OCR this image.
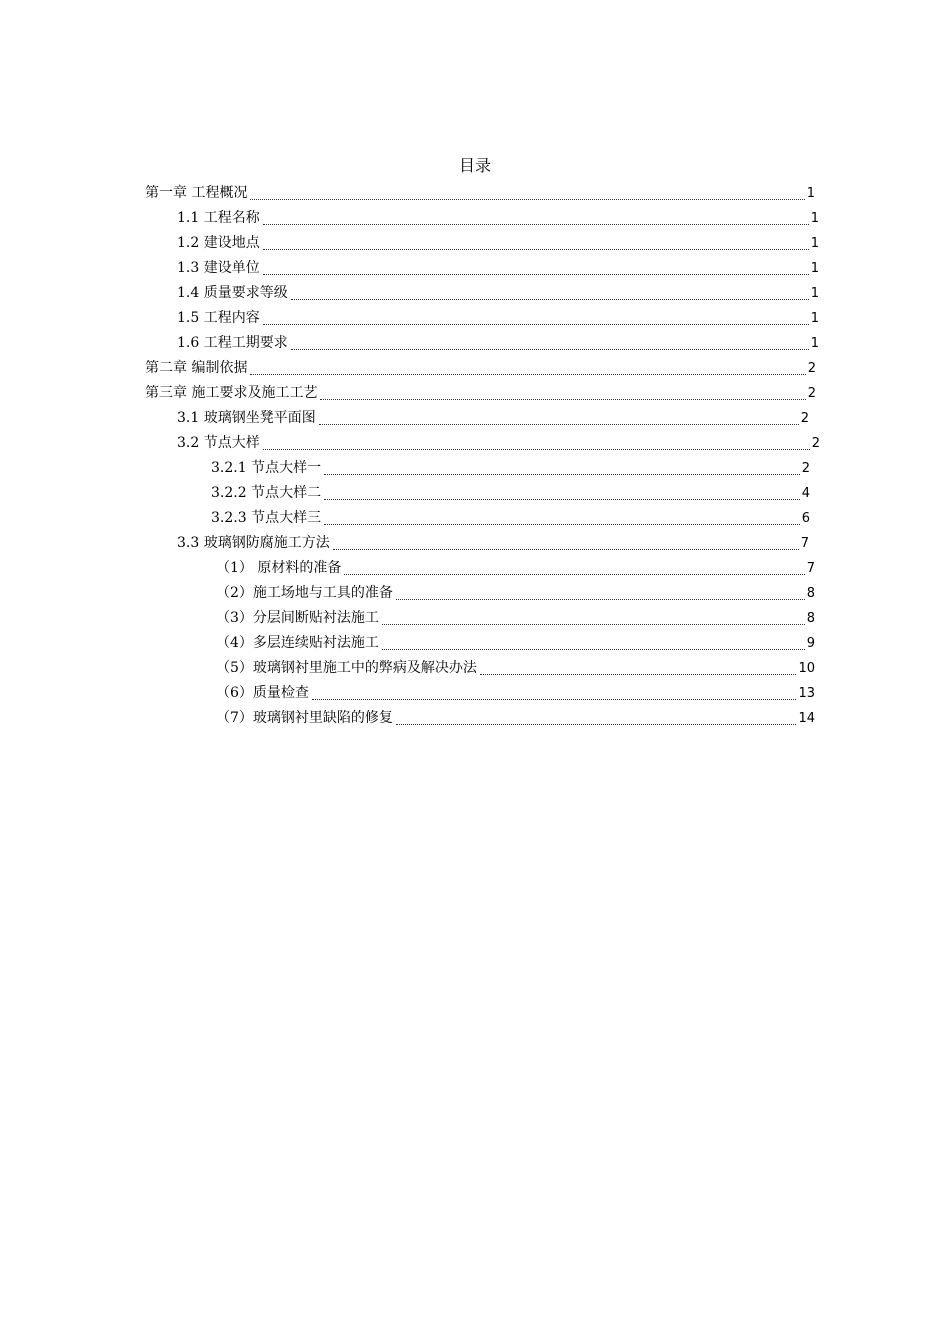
目录
第一章 工程概况	1
1.1 工程名称	1
1.2 建设地点	1
1.3 建设单位	1
1.4 质量要求等级	1
1.5 工程内容	1
1.6 工程工期要求	1
第二章 编制依据	2
第三章 施工要求及施工工艺	2
3.1 玻璃钢坐凳平面图	2
3.2 节点大样	2
3.2.1 节点大样一	2
3.2.2 节点大样二	4
3.2.3 节点大样三	6
3.3 玻璃钢防腐施工方法	7
（1） 原材料的准备	7
（2）施工场地与工具的准备	8
（3）分层间断贴衬法施工	8
（4）多层连续贴衬法施工	9
（5）玻璃钢衬里施工中的弊病及解决办法	10
（6）质量检查	13
（7）玻璃钢衬里缺陷的修复	14
